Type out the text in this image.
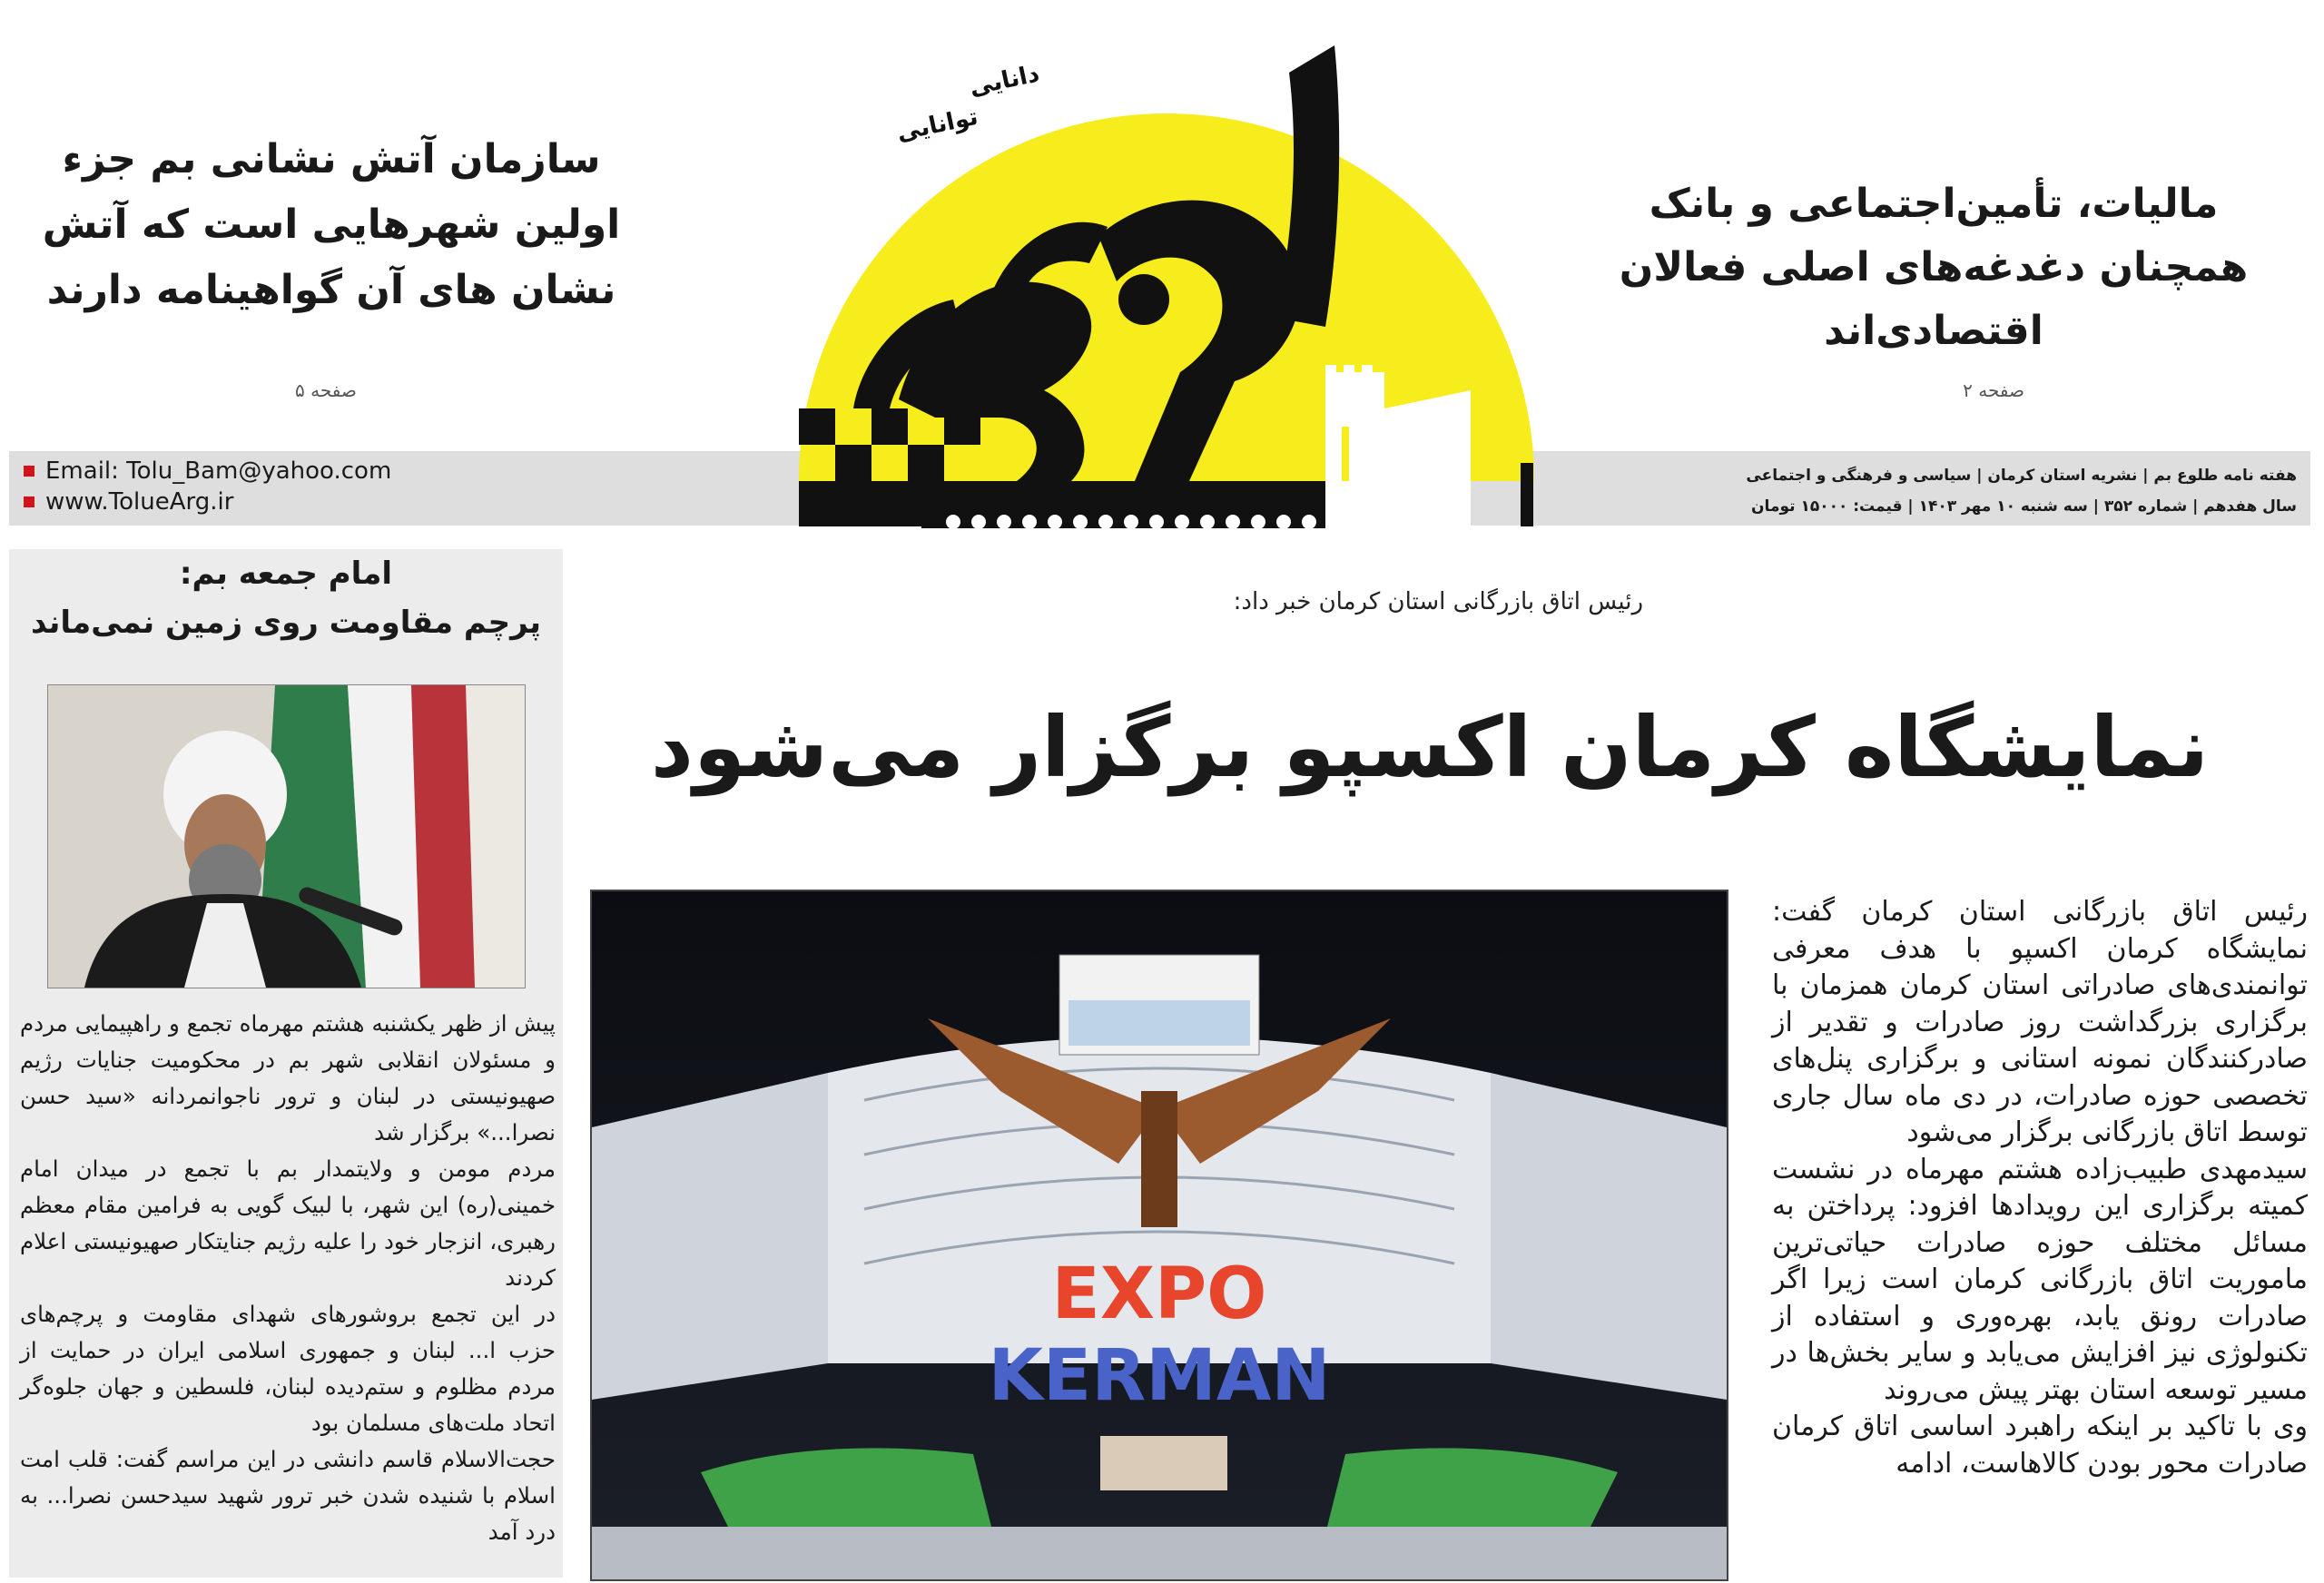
مالیات، تأمین‌اجتماعی و بانک همچنان دغدغه‌های اصلی فعالان اقتصادی‌اند
صفحه ۲
سازمان آتش نشانی بم جزء اولین شهرهایی است که آتش نشان های آن گواهینامه دارند
صفحه ۵
Email: Tolu_Bam@yahoo.com
www.TolueArg.ir
هفته نامه طلوع بم | نشریه استان کرمان | سیاسی و فرهنگی و اجتماعی
سال هفدهم | شماره ۳۵۲ | سه شنبه ۱۰ مهر ۱۴۰۳ | قیمت: ۱۵۰۰۰ تومان
دانایی
توانایی
امام جمعه بم:
پرچم مقاومت روی زمین نمی‌ماند

پیش از ظهر یکشنبه هشتم مهرماه تجمع و راهپیمایی مردم و مسئولان انقلابی شهر بم در محکومیت جنایات رژیم صهیونیستی در لبنان و ترور ناجوانمردانه «سید حسن نصرا...» برگزار شد

مردم مومن و ولایتمدار بم با تجمع در میدان امام خمینی(ره) این شهر، با لبیک گویی به فرامین مقام معظم رهبری، انزجار خود را علیه رژیم جنایتکار صهیونیستی اعلام کردند

در این تجمع بروشورهای شهدای مقاومت و پرچم‌های حزب ا... لبنان و جمهوری اسلامی ایران در حمایت از مردم مظلوم و ستم‌دیده لبنان، فلسطین و جهان جلوه‌گر اتحاد ملت‌های مسلمان بود

حجت‌الاسلام قاسم دانشی در این مراسم گفت: قلب امت اسلام با شنیده شدن خبر ترور شهید سیدحسن نصرا... به درد آمد

رئیس اتاق بازرگانی استان کرمان خبر داد:
نمایشگاه کرمان اکسپو برگزار می‌شود
EXPO
KERMAN

رئیس اتاق بازرگانی استان کرمان گفت: نمایشگاه کرمان اکسپو با هدف معرفی توانمندی‌های صادراتی استان کرمان همزمان با برگزاری بزرگداشت روز صادرات و تقدیر از صادرکنندگان نمونه استانی و برگزاری پنل‌های تخصصی حوزه صادرات، در دی ماه سال جاری توسط اتاق بازرگانی برگزار می‌شود

سیدمهدی طبیب‌زاده هشتم مهرماه در نشست کمیته برگزاری این رویدادها افزود: پرداختن به مسائل مختلف حوزه صادرات حیاتی‌ترین ماموریت اتاق بازرگانی کرمان است زیرا اگر صادرات رونق یابد، بهره‌وری و استفاده از تکنولوژی نیز افزایش می‌یابد و سایر بخش‌ها در مسیر توسعه استان بهتر پیش می‌روند

وی با تاکید بر اینکه راهبرد اساسی اتاق کرمان صادرات محور بودن کالاهاست، ادامه
